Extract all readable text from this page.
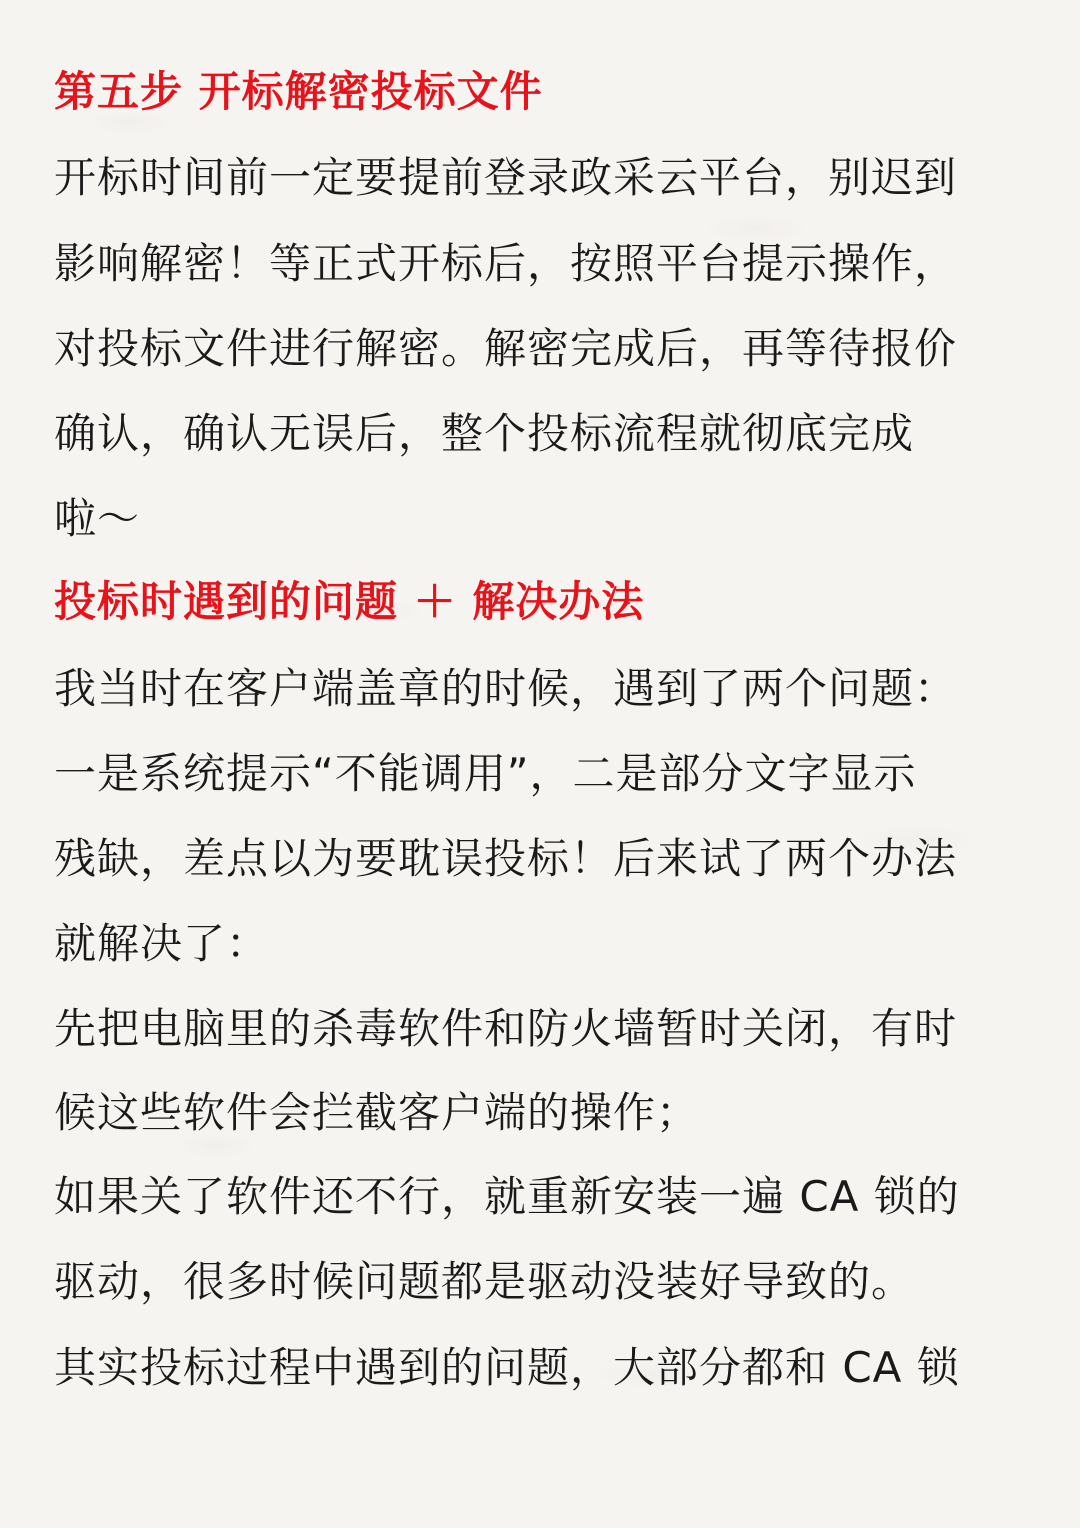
第五步 开标解密投标文件
开标时间前一定要提前登录政采云平台，别迟到
影响解密！等正式开标后，按照平台提示操作，
对投标文件进行解密。解密完成后，再等待报价
确认，确认无误后，整个投标流程就彻底完成
啦～
投标时遇到的问题 ＋ 解决办法
我当时在客户端盖章的时候，遇到了两个问题：
一是系统提示“不能调用”，二是部分文字显示
残缺，差点以为要耽误投标！后来试了两个办法
就解决了：
先把电脑里的杀毒软件和防火墙暂时关闭，有时
候这些软件会拦截客户端的操作；
如果关了软件还不行，就重新安装一遍 CA 锁的
驱动，很多时候问题都是驱动没装好导致的。
其实投标过程中遇到的问题，大部分都和 CA 锁
